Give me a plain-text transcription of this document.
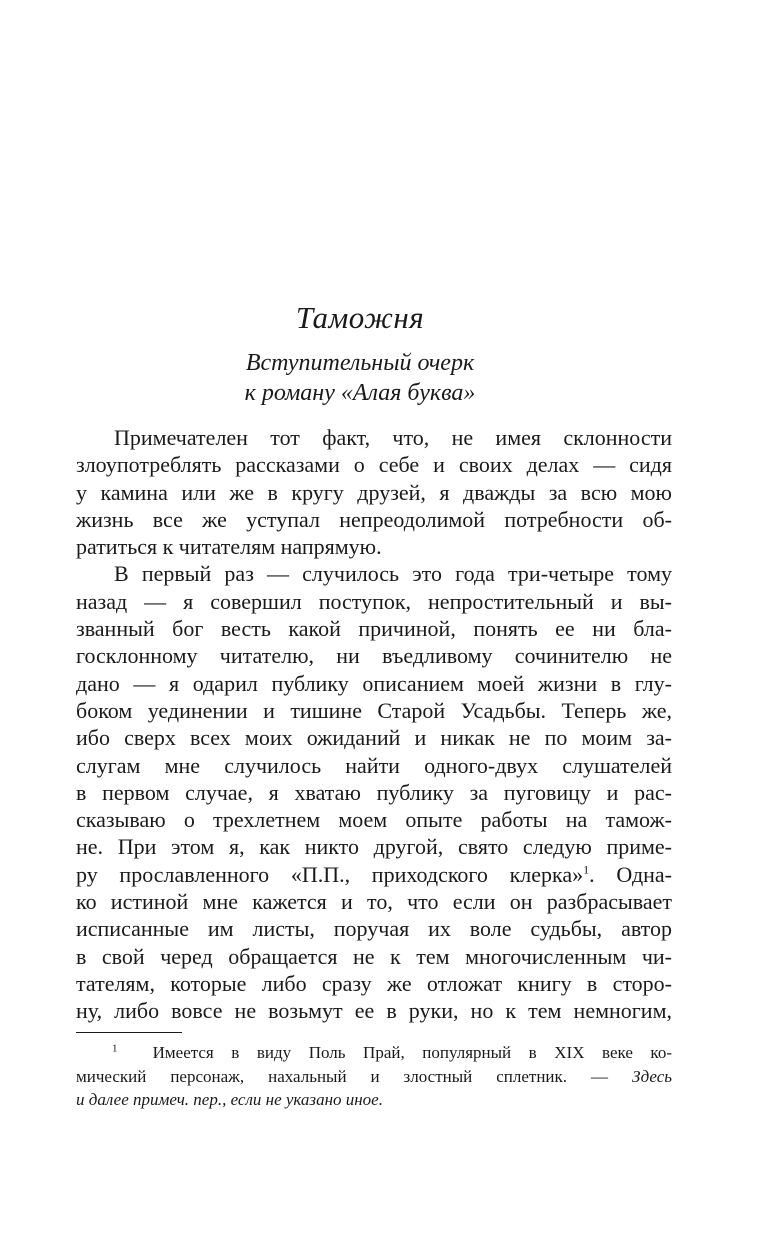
Таможня
Вступительный очерк
к роману «Алая буква»
Примечателен тот факт, что, не имея склонности
злоупотреблять рассказами о себе и своих делах — сидя
у камина или же в кругу друзей, я дважды за всю мою
жизнь все же уступал непреодолимой потребности об-
ратиться к читателям напрямую.
В первый раз — случилось это года три-четыре тому
назад — я совершил поступок, непростительный и вы-
званный бог весть какой причиной, понять ее ни бла-
госклонному читателю, ни въедливому сочинителю не
дано — я одарил публику описанием моей жизни в глу-
боком уединении и тишине Старой Усадьбы. Теперь же,
ибо сверх всех моих ожиданий и никак не по моим за-
слугам мне случилось найти одного-двух слушателей
в первом случае, я хватаю публику за пуговицу и рас-
сказываю о трехлетнем моем опыте работы на тамож-
не. При этом я, как никто другой, свято следую приме-
ру прославленного «П.П., приходского клерка»$^1$. Одна-
ко истиной мне кажется и то, что если он разбрасывает
исписанные им листы, поручая их воле судьбы, автор
в свой черед обращается не к тем многочисленным чи-
тателям, которые либо сразу же отложат книгу в сторо-
ну, либо вовсе не возьмут ее в руки, но к тем немногим,
$^1$ Имеется в виду Поль Прай, популярный в XIX веке ко-
мический персонаж, нахальный и злостный сплетник. — Здесь
и далее примеч. пер., если не указано иное.
